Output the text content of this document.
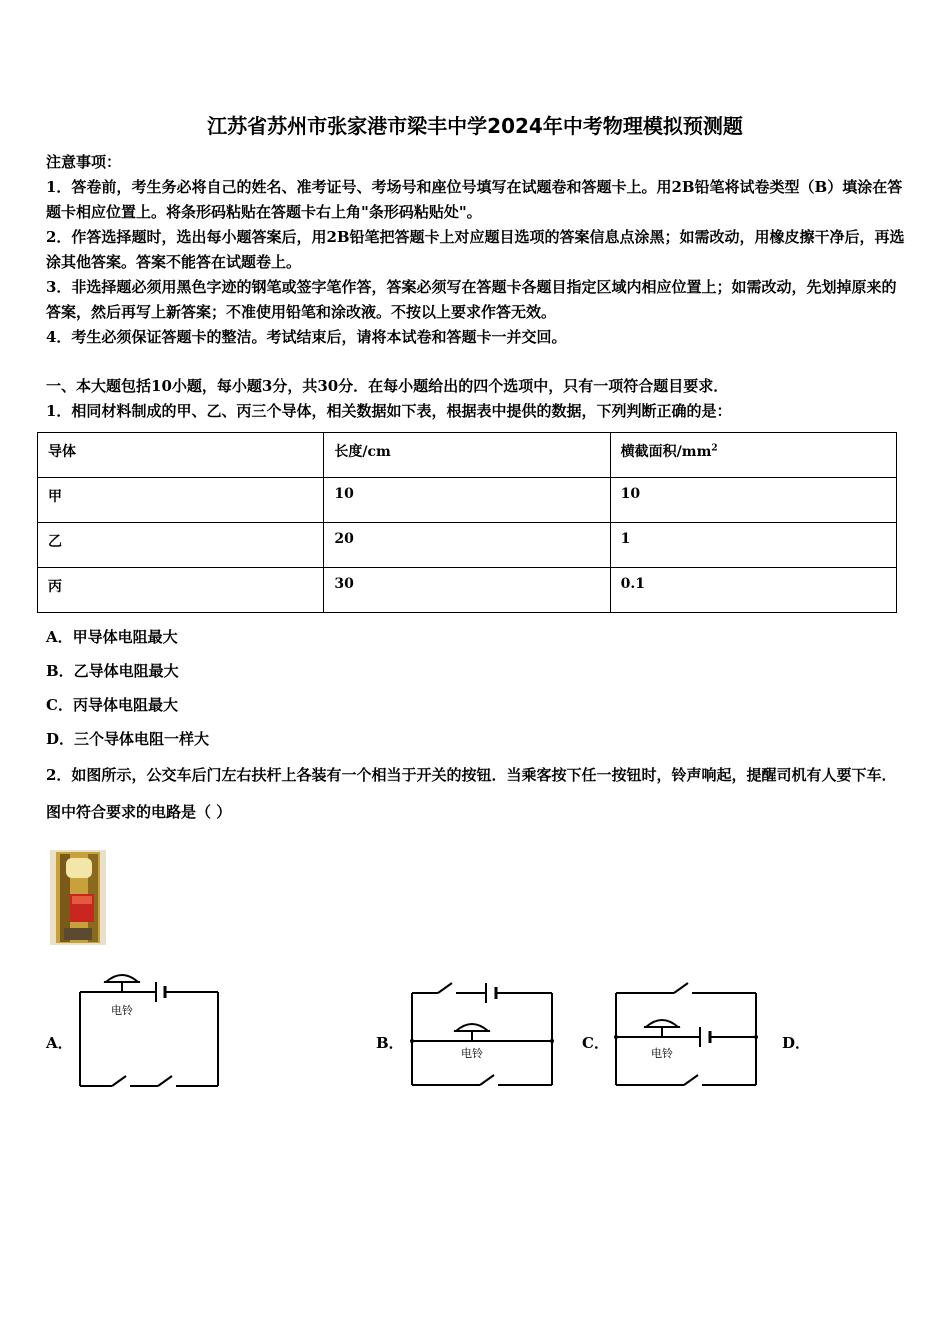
江苏省苏州市张家港市梁丰中学2024年中考物理模拟预测题

注意事项：

1．答卷前，考生务必将自己的姓名、准考证号、考场号和座位号填写在试题卷和答题卡上。用2B铅笔将试卷类型（B）填涂在答题卡相应位置上。将条形码粘贴在答题卡右上角"条形码粘贴处"。

2．作答选择题时，选出每小题答案后，用2B铅笔把答题卡上对应题目选项的答案信息点涂黑；如需改动，用橡皮擦干净后，再选涂其他答案。答案不能答在试题卷上。

3．非选择题必须用黑色字迹的钢笔或签字笔作答，答案必须写在答题卡各题目指定区域内相应位置上；如需改动，先划掉原来的答案，然后再写上新答案；不准使用铅笔和涂改液。不按以上要求作答无效。

4．考生必须保证答题卡的整洁。考试结束后，请将本试卷和答题卡一并交回。

一、本大题包括10小题，每小题3分，共30分．在每小题给出的四个选项中，只有一项符合题目要求．
1．相同材料制成的甲、乙、丙三个导体，相关数据如下表，根据表中提供的数据，下列判断正确的是：
导体	长度/cm	横截面积$/mm^2$
甲	10	10
乙	20	1
丙	30	0.1
A．甲导体电阻最大
B．乙导体电阻最大
C．丙导体电阻最大
D．三个导体电阻一样大
2．如图所示，公交车后门左右扶杆上各装有一个相当于开关的按钮．当乘客按下任一按钮时，铃声响起，提醒司机有人要下车．图中符合要求的电路是（ ）
电铃
A．
电铃
B．
电铃
C．	D．
